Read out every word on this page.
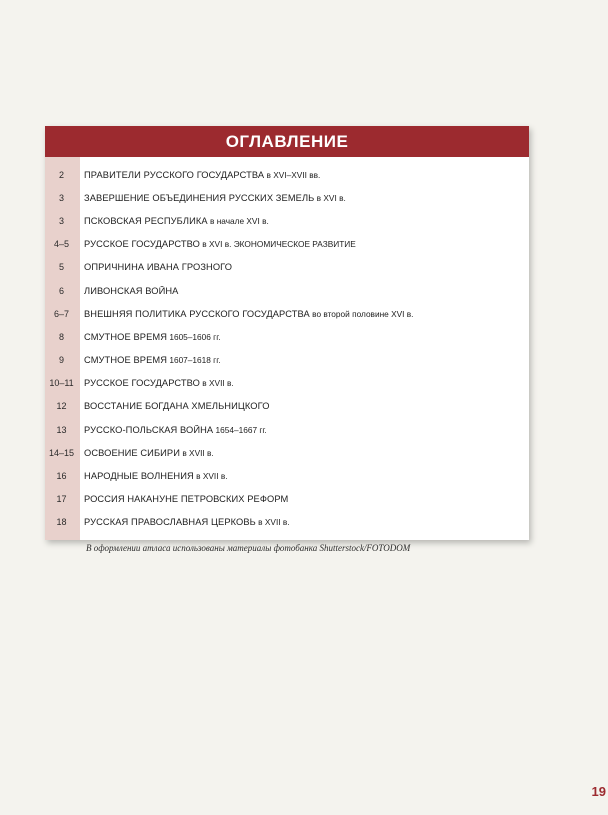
ОГЛАВЛЕНИЕ
2	ПРАВИТЕЛИ РУССКОГО ГОСУДАРСТВА в XVI–XVII вв.
3	ЗАВЕРШЕНИЕ ОБЪЕДИНЕНИЯ РУССКИХ ЗЕМЕЛЬ в XVI в.
3	ПСКОВСКАЯ РЕСПУБЛИКА в начале XVI в.
4–5	РУССКОЕ ГОСУДАРСТВО в XVI в. ЭКОНОМИЧЕСКОЕ РАЗВИТИЕ
5	ОПРИЧНИНА ИВАНА ГРОЗНОГО
6	ЛИВОНСКАЯ ВОЙНА
6–7	ВНЕШНЯЯ ПОЛИТИКА РУССКОГО ГОСУДАРСТВА во второй половине XVI в.
8	СМУТНОЕ ВРЕМЯ 1605–1606 гг.
9	СМУТНОЕ ВРЕМЯ 1607–1618 гг.
10–11	РУССКОЕ ГОСУДАРСТВО в XVII в.
12	ВОССТАНИЕ БОГДАНА ХМЕЛЬНИЦКОГО
13	РУССКО-ПОЛЬСКАЯ ВОЙНА 1654–1667 гг.
14–15	ОСВОЕНИЕ СИБИРИ в XVII в.
16	НАРОДНЫЕ ВОЛНЕНИЯ в XVII в.
17	РОССИЯ НАКАНУНЕ ПЕТРОВСКИХ РЕФОРМ
18	РУССКАЯ ПРАВОСЛАВНАЯ ЦЕРКОВЬ в XVII в.
В оформлении атласа использованы материалы фотобанка Shutterstock/FOTODOM
19
